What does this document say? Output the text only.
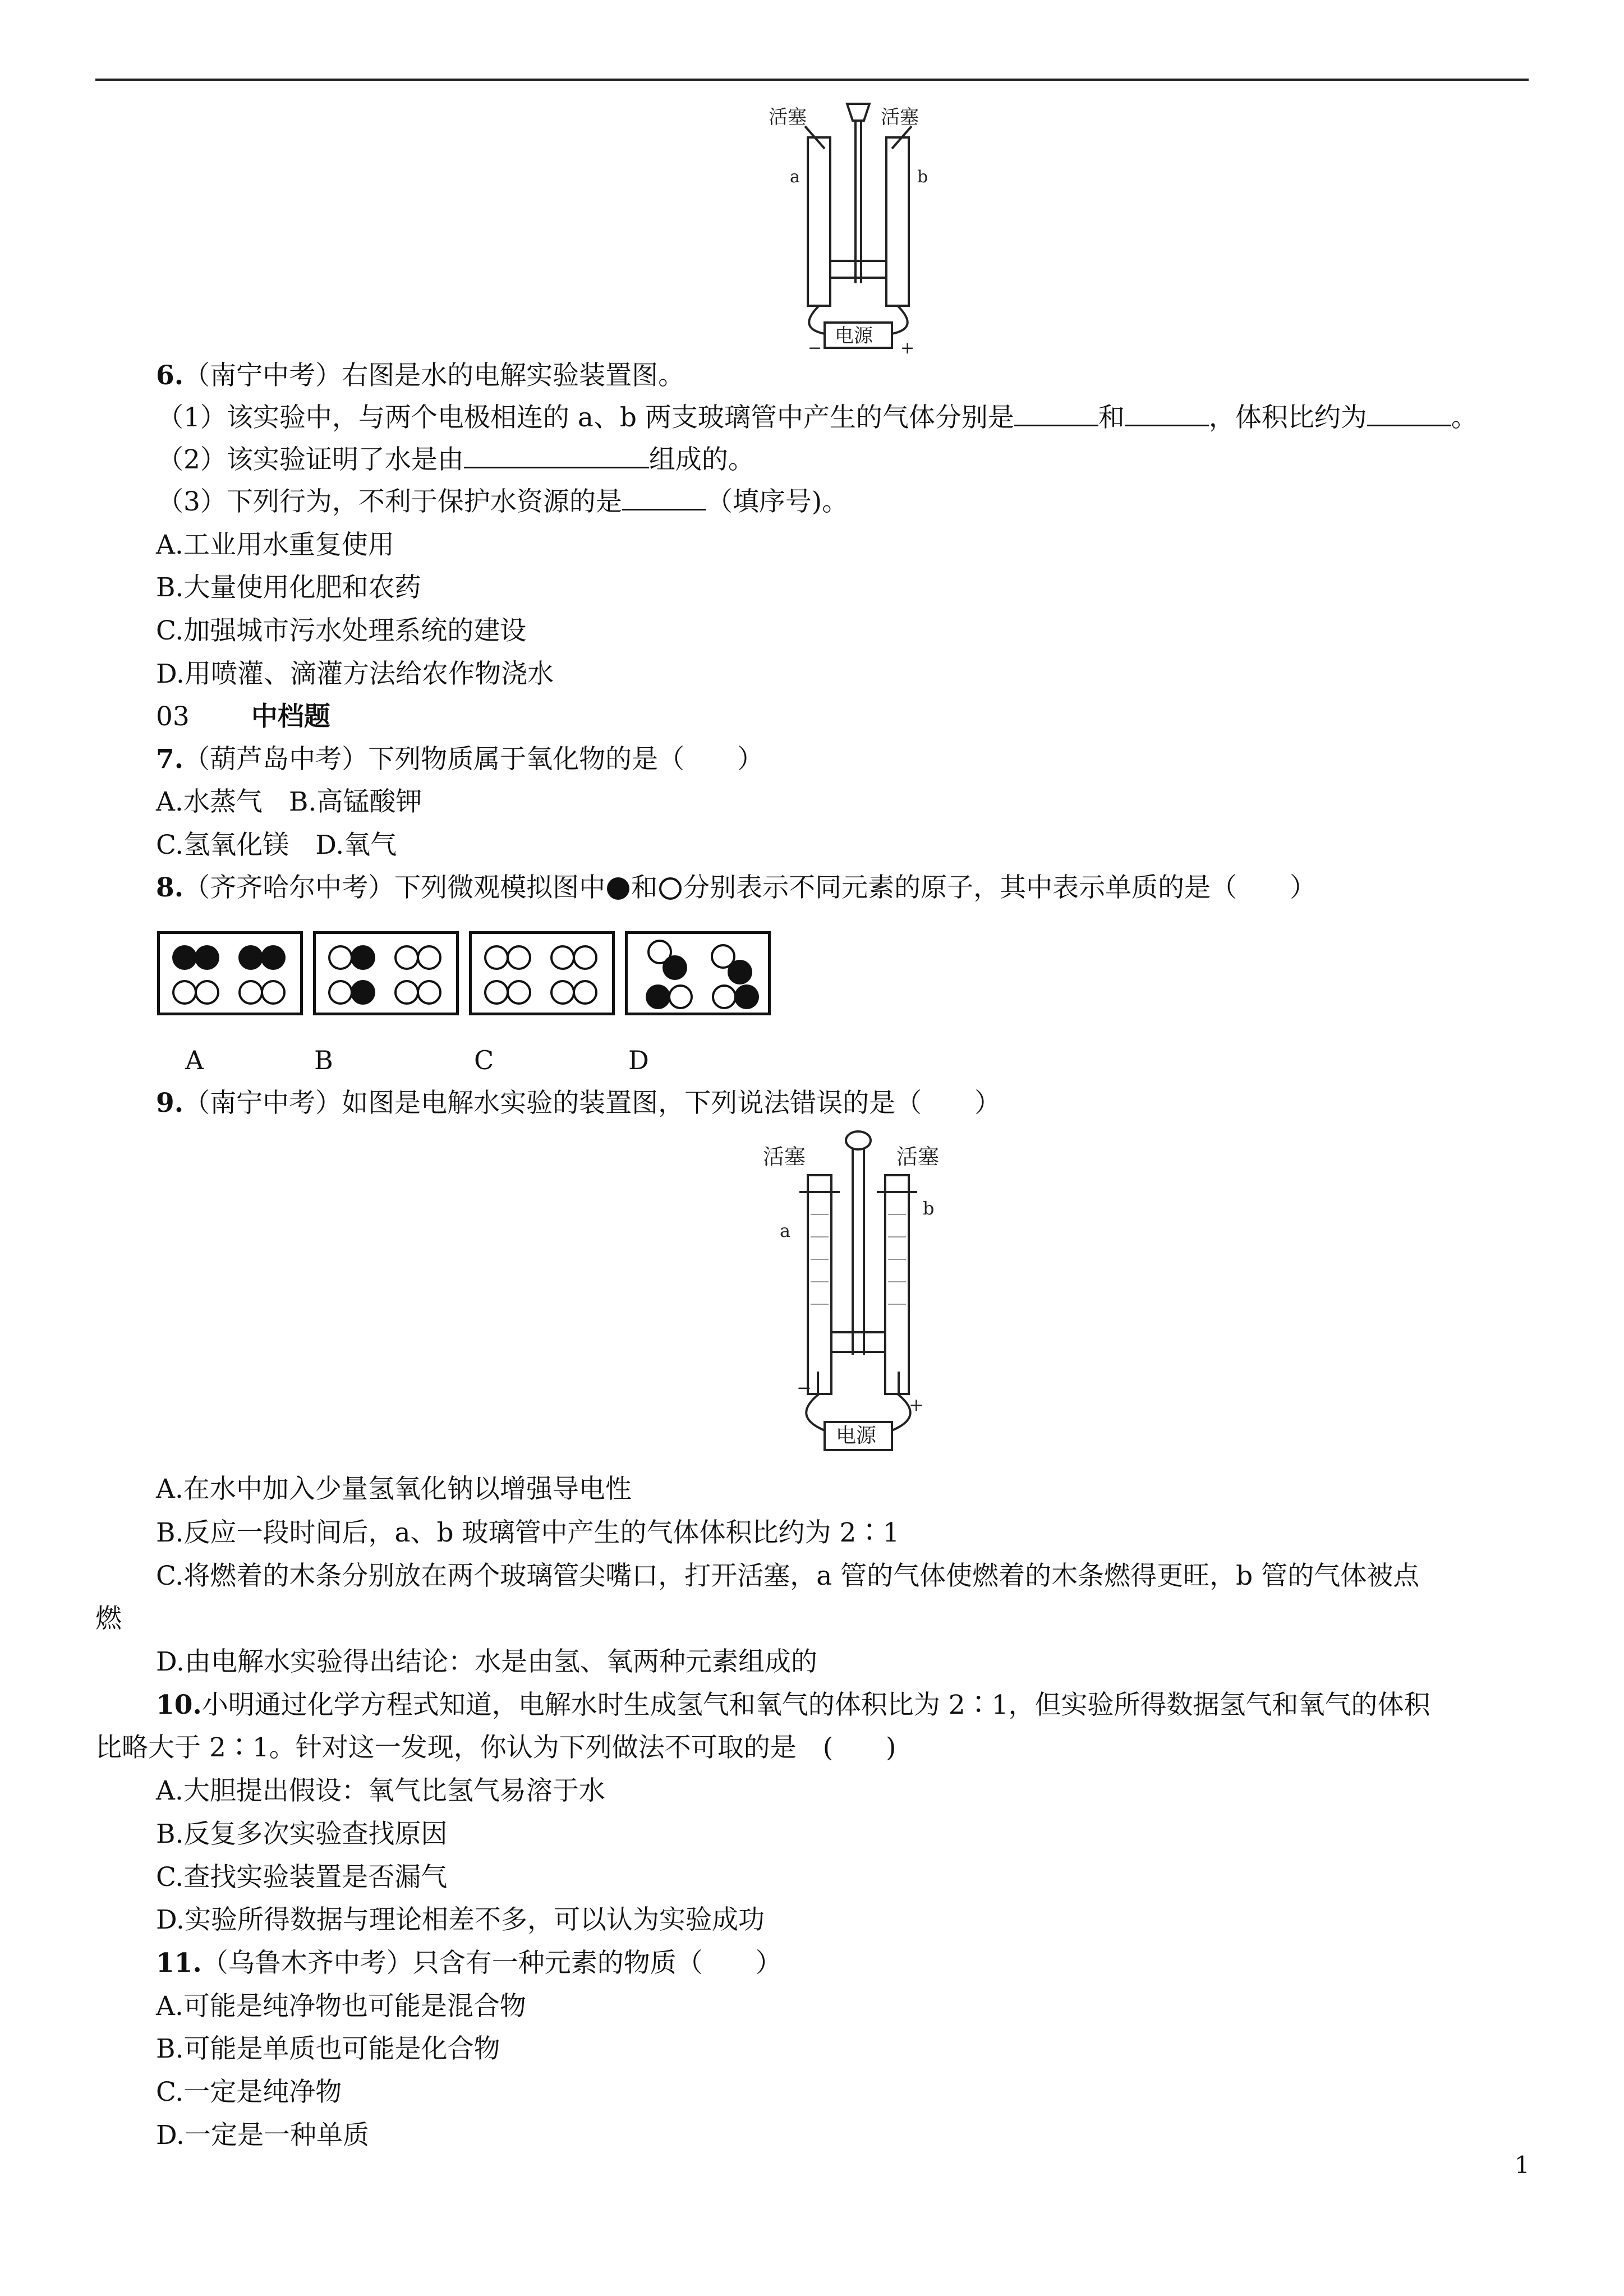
活塞	活塞
a	b
电源
−	+
6.（南宁中考）右图是水的电解实验装置图。
（1）该实验中，与两个电极相连的 a、b 两支玻璃管中产生的气体分别是	和	，体积比约为	。
（2）该实验证明了水是由	组成的。
（3）下列行为，不利于保护水资源的是	（填序号)。
A.工业用水重复使用
B.大量使用化肥和农药
C.加强城市污水处理系统的建设
D.用喷灌、滴灌方法给农作物浇水
03 中档题
7.（葫芦岛中考）下列物质属于氧化物的是（　　）
A.水蒸气　B.高锰酸钾
C.氢氧化镁　D.氧气
8.（齐齐哈尔中考）下列微观模拟图中 和 分别表示不同元素的原子，其中表示单质的是（　　）
A	B	C	D
9.（南宁中考）如图是电解水实验的装置图，下列说法错误的是（　　）
活塞	活塞
a
b
电源
−
+
A.在水中加入少量氢氧化钠以增强导电性
B.反应一段时间后，a、b 玻璃管中产生的气体体积比约为 2∶1
C.将燃着的木条分别放在两个玻璃管尖嘴口，打开活塞，a 管的气体使燃着的木条燃得更旺，b 管的气体被点
燃
D.由电解水实验得出结论：水是由氢、氧两种元素组成的
10.小明通过化学方程式知道，电解水时生成氢气和氧气的体积比为 2∶1，但实验所得数据氢气和氧气的体积
比略大于 2∶1。针对这一发现，你认为下列做法不可取的是　(　　)
A.大胆提出假设：氧气比氢气易溶于水
B.反复多次实验查找原因
C.查找实验装置是否漏气
D.实验所得数据与理论相差不多，可以认为实验成功
11.（乌鲁木齐中考）只含有一种元素的物质（　　）
A.可能是纯净物也可能是混合物
B.可能是单质也可能是化合物
C.一定是纯净物
D.一定是一种单质
1
